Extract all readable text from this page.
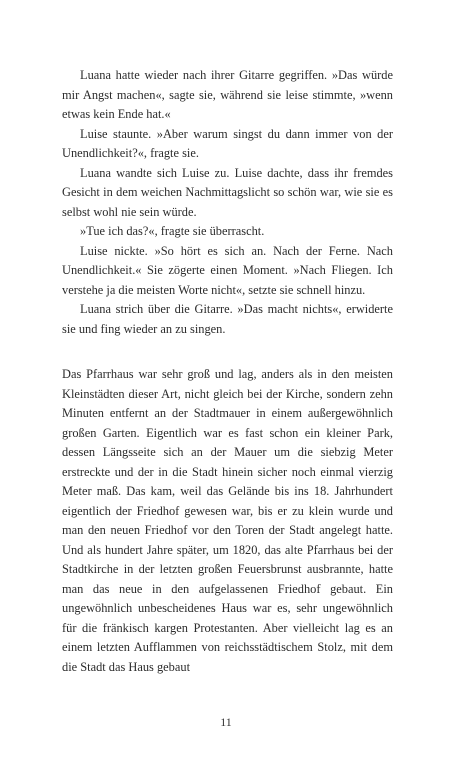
Luana hatte wieder nach ihrer Gitarre gegriffen. »Das würde mir Angst machen«, sagte sie, während sie leise stimmte, »wenn etwas kein Ende hat.«

Luise staunte. »Aber warum singst du dann immer von der Unendlichkeit?«, fragte sie.

Luana wandte sich Luise zu. Luise dachte, dass ihr fremdes Gesicht in dem weichen Nachmittagslicht so schön war, wie sie es selbst wohl nie sein würde.

»Tue ich das?«, fragte sie überrascht.

Luise nickte. »So hört es sich an. Nach der Ferne. Nach Unendlichkeit.« Sie zögerte einen Moment. »Nach Fliegen. Ich verstehe ja die meisten Worte nicht«, setzte sie schnell hinzu.

Luana strich über die Gitarre. »Das macht nichts«, erwiderte sie und fing wieder an zu singen.

Das Pfarrhaus war sehr groß und lag, anders als in den meisten Kleinstädten dieser Art, nicht gleich bei der Kirche, sondern zehn Minuten entfernt an der Stadtmauer in einem außergewöhnlich großen Garten. Eigentlich war es fast schon ein kleiner Park, dessen Längsseite sich an der Mauer um die siebzig Meter erstreckte und der in die Stadt hinein sicher noch einmal vierzig Meter maß. Das kam, weil das Gelände bis ins 18. Jahrhundert eigentlich der Friedhof gewesen war, bis er zu klein wurde und man den neuen Friedhof vor den Toren der Stadt angelegt hatte. Und als hundert Jahre später, um 1820, das alte Pfarrhaus bei der Stadtkirche in der letzten großen Feuersbrunst ausbrannte, hatte man das neue in den aufgelassenen Friedhof gebaut. Ein ungewöhnlich unbescheidenes Haus war es, sehr ungewöhnlich für die fränkisch kargen Protestanten. Aber vielleicht lag es an einem letzten Aufflammen von reichsstädtischem Stolz, mit dem die Stadt das Haus gebaut

11
